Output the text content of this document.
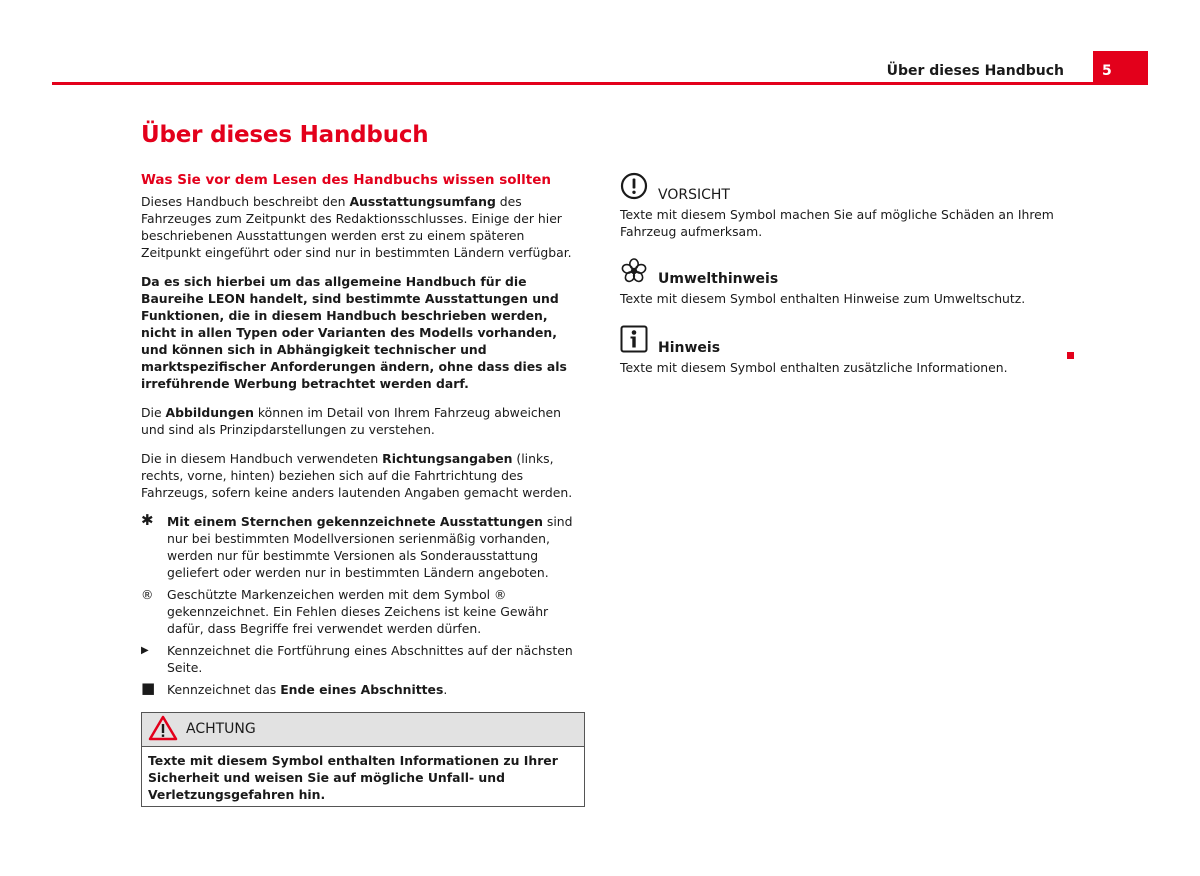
Über dieses Handbuch	5
Über dieses Handbuch
Was Sie vor dem Lesen des Handbuchs wissen sollten

Dieses Handbuch beschreibt den Ausstattungsumfang des Fahrzeuges zum Zeitpunkt des Redaktionsschlusses. Einige der hier beschriebenen Ausstattungen werden erst zu einem späteren Zeitpunkt eingeführt oder sind nur in bestimmten Ländern verfügbar.

Da es sich hierbei um das allgemeine Handbuch für die Baureihe LEON handelt, sind bestimmte Ausstattungen und Funktionen, die in diesem Handbuch beschrieben werden, nicht in allen Typen oder Varianten des Modells vorhanden, und können sich in Abhängigkeit technischer und marktspezifischer Anforderungen ändern, ohne dass dies als irreführende Werbung betrachtet werden darf.

Die Abbildungen können im Detail von Ihrem Fahrzeug abweichen und sind als Prinzipdarstellungen zu verstehen.

Die in diesem Handbuch verwendeten Richtungsangaben (links, rechts, vorne, hinten) beziehen sich auf die Fahrtrichtung des Fahrzeugs, sofern keine anders lautenden Angaben gemacht werden.

✱	Mit einem Sternchen gekennzeichnete Ausstattungen sind nur bei bestimmten Modellversionen serienmäßig vorhanden, werden nur für bestimmte Versionen als Sonderausstattung geliefert oder werden nur in bestimmten Ländern angeboten.
®	Geschützte Markenzeichen werden mit dem Symbol ® gekennzeichnet. Ein Fehlen dieses Zeichens ist keine Gewähr dafür, dass Begriffe frei verwendet werden dürfen.
▶	Kennzeichnet die Fortführung eines Abschnittes auf der nächsten Seite.
■ Kennzeichnet das Ende eines Abschnittes.
ACHTUNG
Texte mit diesem Symbol enthalten Informationen zu Ihrer Sicherheit und weisen Sie auf mögliche Unfall- und Verletzungsgefahren hin.
VORSICHT
Texte mit diesem Symbol machen Sie auf mögliche Schäden an Ihrem Fahrzeug aufmerksam.
Umwelthinweis
Texte mit diesem Symbol enthalten Hinweise zum Umweltschutz.
Hinweis
Texte mit diesem Symbol enthalten zusätzliche Informationen.
